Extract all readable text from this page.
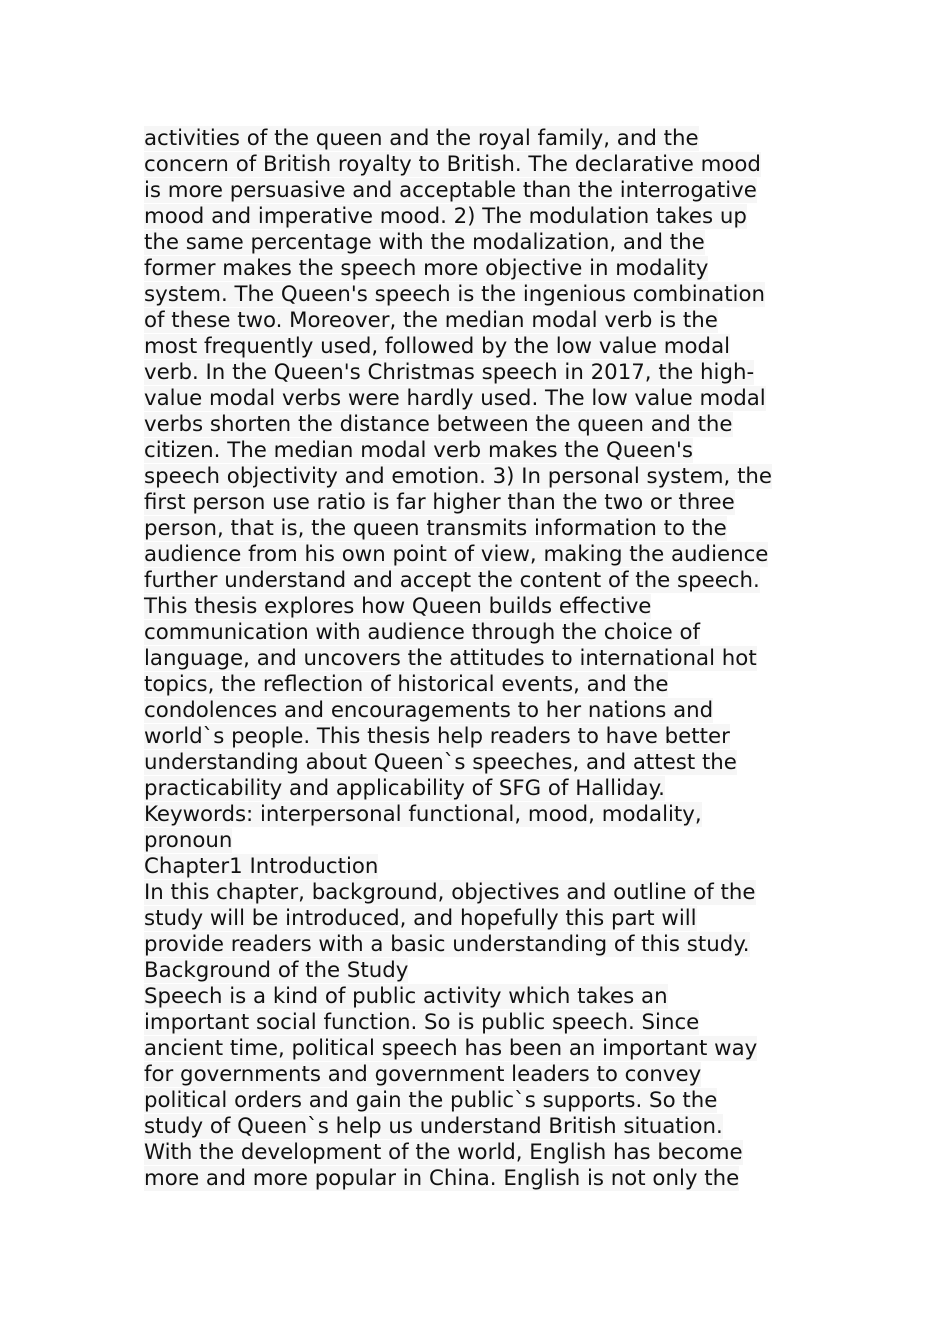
activities of the queen and the royal family, and the
concern of British royalty to British. The declarative mood
is more persuasive and acceptable than the interrogative
mood and imperative mood. 2) The modulation takes up
the same percentage with the modalization, and the
former makes the speech more objective in modality
system. The Queen's speech is the ingenious combination
of these two. Moreover, the median modal verb is the
most frequently used, followed by the low value modal
verb. In the Queen's Christmas speech in 2017, the high-
value modal verbs were hardly used. The low value modal
verbs shorten the distance between the queen and the
citizen. The median modal verb makes the Queen's
speech objectivity and emotion. 3) In personal system, the
first person use ratio is far higher than the two or three
person, that is, the queen transmits information to the
audience from his own point of view, making the audience
further understand and accept the content of the speech.
This thesis explores how Queen builds effective
communication with audience through the choice of
language, and uncovers the attitudes to international hot
topics, the reflection of historical events, and the
condolences and encouragements to her nations and
world`s people. This thesis help readers to have better
understanding about Queen`s speeches, and attest the
practicability and applicability of SFG of Halliday.
Keywords: interpersonal functional, mood, modality,
pronoun
Chapter1 Introduction
In this chapter, background, objectives and outline of the
study will be introduced, and hopefully this part will
provide readers with a basic understanding of this study.
Background of the Study
Speech is a kind of public activity which takes an
important social function. So is public speech. Since
ancient time, political speech has been an important way
for governments and government leaders to convey
political orders and gain the public`s supports. So the
study of Queen`s help us understand British situation.
With the development of the world, English has become
more and more popular in China. English is not only the
